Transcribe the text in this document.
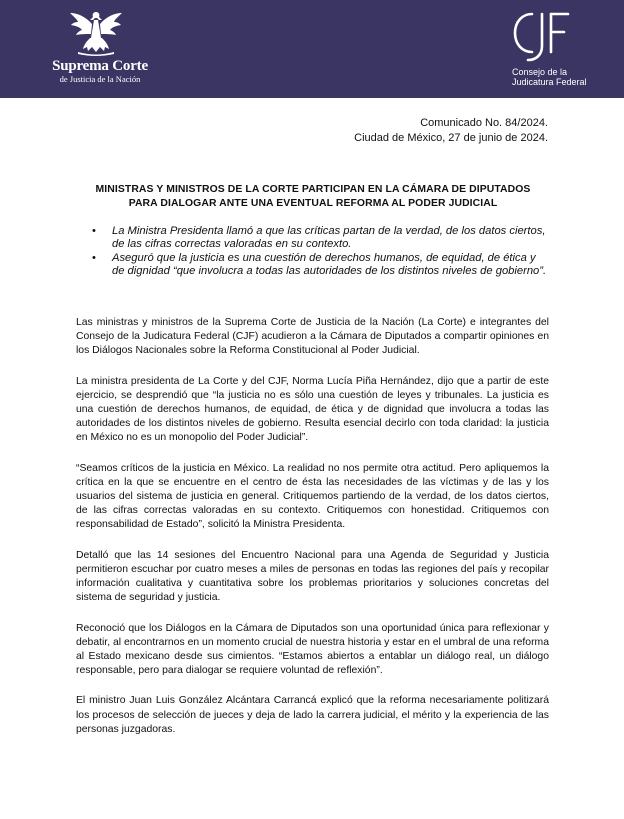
Suprema Corte
de Justicia de la Nación
Consejo de la
Judicatura Federal
Comunicado No. 84/2024.
Ciudad de México, 27 de junio de 2024.
MINISTRAS Y MINISTROS DE LA CORTE PARTICIPAN EN LA CÁMARA DE DIPUTADOS PARA DIALOGAR ANTE UNA EVENTUAL REFORMA AL PODER JUDICIAL
• La Ministra Presidenta llamó a que las críticas partan de la verdad, de los datos ciertos, de las cifras correctas valoradas en su contexto.
• Aseguró que la justicia es una cuestión de derechos humanos, de equidad, de ética y de dignidad “que involucra a todas las autoridades de los distintos niveles de gobierno”.

Las ministras y ministros de la Suprema Corte de Justicia de la Nación (La Corte) e integrantes del Consejo de la Judicatura Federal (CJF) acudieron a la Cámara de Diputados a compartir opiniones en los Diálogos Nacionales sobre la Reforma Constitucional al Poder Judicial.

La ministra presidenta de La Corte y del CJF, Norma Lucía Piña Hernández, dijo que a partir de este ejercicio, se desprendió que “la justicia no es sólo una cuestión de leyes y tribunales. La justicia es una cuestión de derechos humanos, de equidad, de ética y de dignidad que involucra a todas las autoridades de los distintos niveles de gobierno. Resulta esencial decirlo con toda claridad: la justicia en México no es un monopolio del Poder Judicial”.

“Seamos críticos de la justicia en México. La realidad no nos permite otra actitud. Pero apliquemos la crítica en la que se encuentre en el centro de ésta las necesidades de las víctimas y de las y los usuarios del sistema de justicia en general. Critiquemos partiendo de la verdad, de los datos ciertos, de las cifras correctas valoradas en su contexto. Critiquemos con honestidad. Critiquemos con responsabilidad de Estado”, solicitó la Ministra Presidenta.

Detalló que las 14 sesiones del Encuentro Nacional para una Agenda de Seguridad y Justicia permitieron escuchar por cuatro meses a miles de personas en todas las regiones del país y recopilar información cualitativa y cuantitativa sobre los problemas prioritarios y soluciones concretas del sistema de seguridad y justicia.

Reconoció que los Diálogos en la Cámara de Diputados son una oportunidad única para reflexionar y debatir, al encontrarnos en un momento crucial de nuestra historia y estar en el umbral de una reforma al Estado mexicano desde sus cimientos. “Estamos abiertos a entablar un diálogo real, un diálogo responsable, pero para dialogar se requiere voluntad de reflexión”.

El ministro Juan Luis González Alcántara Carrancá explicó que la reforma necesariamente politizará los procesos de selección de jueces y deja de lado la carrera judicial, el mérito y la experiencia de las personas juzgadoras.
